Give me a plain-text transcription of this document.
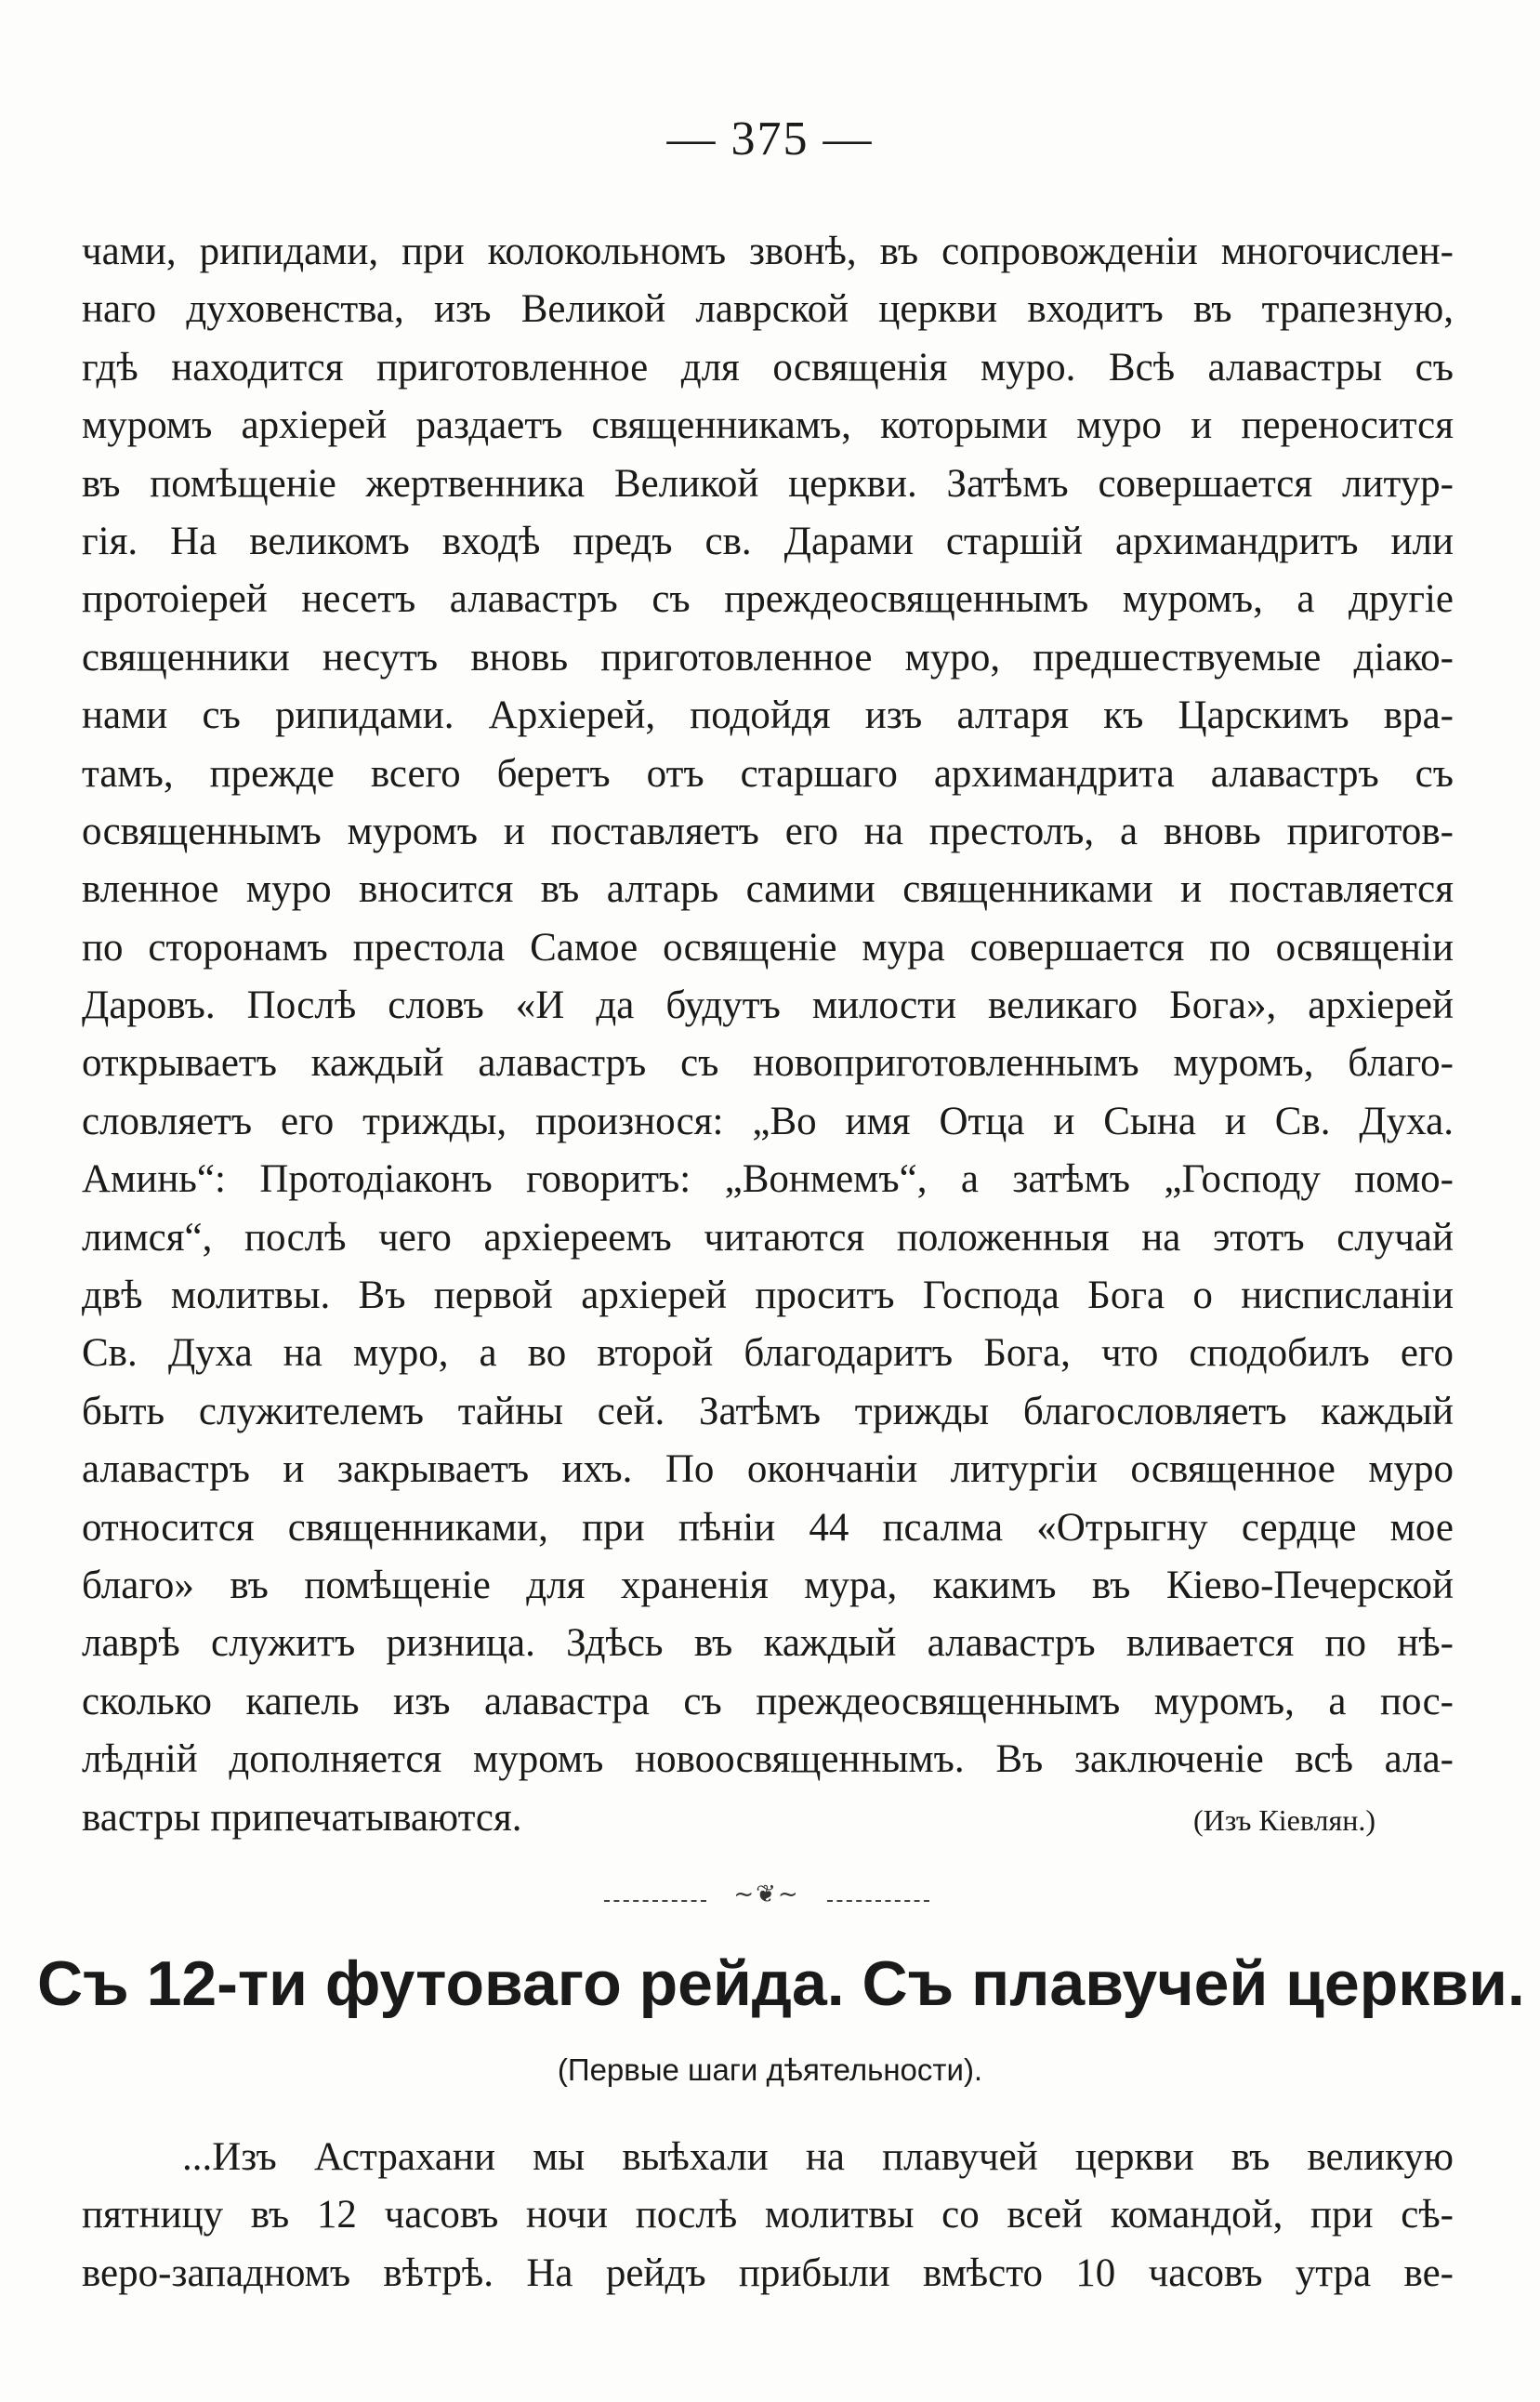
— 375 —
чами, рипидами, при колокольномъ звонѣ, въ сопровожденіи многочислен-
наго духовенства, изъ Великой лаврской церкви входитъ въ трапезную,
гдѣ находится приготовленное для освященія муро. Всѣ алавастры съ
муромъ архіерей раздаетъ священникамъ, которыми муро и переносится
въ помѣщеніе жертвенника Великой церкви. Затѣмъ совершается литур-
гія. На великомъ входѣ предъ св. Дарами старшій архимандритъ или
протоіерей несетъ алавастръ съ преждеосвященнымъ муромъ, а другіе
священники несутъ вновь приготовленное муро, предшествуемые діако-
нами съ рипидами. Архіерей, подойдя изъ алтаря къ Царскимъ вра-
тамъ, прежде всего беретъ отъ старшаго архимандрита алавастръ съ
освященнымъ муромъ и поставляетъ его на престолъ, а вновь приготов-
вленное муро вносится въ алтарь самими священниками и поставляется
по сторонамъ престола Самое освященіе мура совершается по освященіи
Даровъ. Послѣ словъ «И да будутъ милости великаго Бога», архіерей
открываетъ каждый алавастръ съ новоприготовленнымъ муромъ, благо-
словляетъ его трижды, произнося: „Во имя Отца и Сына и Св. Духа.
Аминь“: Протодіаконъ говоритъ: „Вонмемъ“, а затѣмъ „Господу помо-
лимся“, послѣ чего архіереемъ читаются положенныя на этотъ случай
двѣ молитвы. Въ первой архіерей проситъ Господа Бога о нисписланіи
Св. Духа на муро, а во второй благодаритъ Бога, что сподобилъ его
быть служителемъ тайны сей. Затѣмъ трижды благословляетъ каждый
алавастръ и закрываетъ ихъ. По окончаніи литургіи освященное муро
относится священниками, при пѣніи 44 псалма «Отрыгну сердце мое
благо» въ помѣщеніе для храненія мура, какимъ въ Кіево-Печерской
лаврѣ служитъ ризница. Здѣсь въ каждый алавастръ вливается по нѣ-
сколько капель изъ алавастра съ преждеосвященнымъ муромъ, а пос-
лѣдній дополняется муромъ новоосвященнымъ. Въ заключеніе всѣ ала-
вастры припечатываются.	(Изъ Кіевлян.)
~❦~
Съ 12-ти футоваго рейда. Съ плавучей церкви.
(Первые шаги дѣятельности).
...Изъ Астрахани мы выѣхали на плавучей церкви въ великую
пятницу въ 12 часовъ ночи послѣ молитвы со всей командой, при сѣ-
веро-западномъ вѣтрѣ. На рейдъ прибыли вмѣсто 10 часовъ утра ве-
